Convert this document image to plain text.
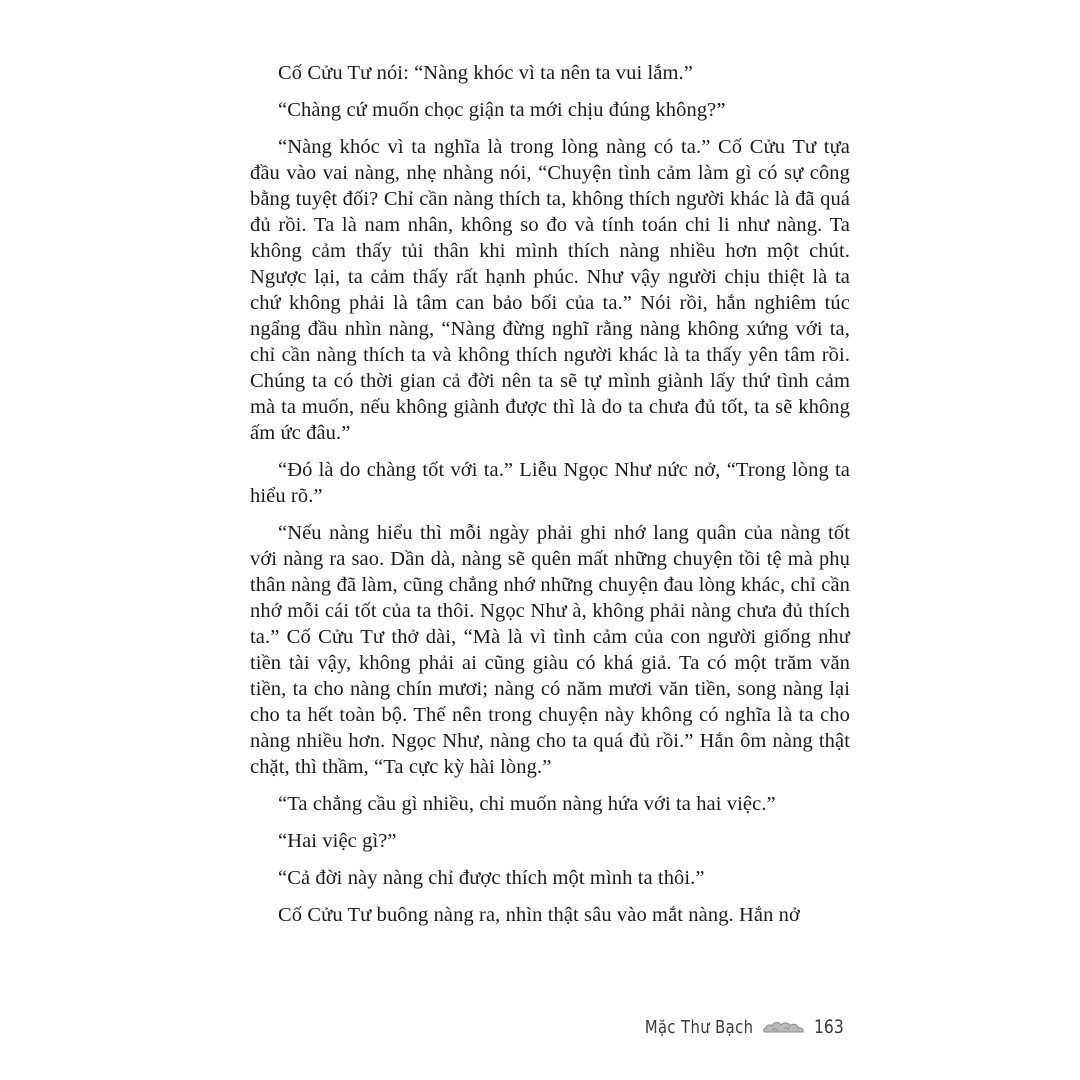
Cố Cửu Tư nói: “Nàng khóc vì ta nên ta vui lắm.”

“Chàng cứ muốn chọc giận ta mới chịu đúng không?”

“Nàng khóc vì ta nghĩa là trong lòng nàng có ta.” Cố Cửu Tư tựa đầu vào vai nàng, nhẹ nhàng nói, “Chuyện tình cảm làm gì có sự công bằng tuyệt đối? Chỉ cần nàng thích ta, không thích người khác là đã quá đủ rồi. Ta là nam nhân, không so đo và tính toán chi li như nàng. Ta không cảm thấy tủi thân khi mình thích nàng nhiều hơn một chút. Ngược lại, ta cảm thấy rất hạnh phúc. Như vậy người chịu thiệt là ta chứ không phải là tâm can bảo bối của ta.” Nói rồi, hắn nghiêm túc ngẩng đầu nhìn nàng, “Nàng đừng nghĩ rằng nàng không xứng với ta, chỉ cần nàng thích ta và không thích người khác là ta thấy yên tâm rồi. Chúng ta có thời gian cả đời nên ta sẽ tự mình giành lấy thứ tình cảm mà ta muốn, nếu không giành được thì là do ta chưa đủ tốt, ta sẽ không ấm ức đâu.”

“Đó là do chàng tốt với ta.” Liễu Ngọc Như nức nở, “Trong lòng ta hiểu rõ.”

“Nếu nàng hiểu thì mỗi ngày phải ghi nhớ lang quân của nàng tốt với nàng ra sao. Dần dà, nàng sẽ quên mất những chuyện tồi tệ mà phụ thân nàng đã làm, cũng chẳng nhớ những chuyện đau lòng khác, chỉ cần nhớ mỗi cái tốt của ta thôi. Ngọc Như à, không phải nàng chưa đủ thích ta.” Cố Cửu Tư thở dài, “Mà là vì tình cảm của con người giống như tiền tài vậy, không phải ai cũng giàu có khá giả. Ta có một trăm văn tiền, ta cho nàng chín mươi; nàng có năm mươi văn tiền, song nàng lại cho ta hết toàn bộ. Thế nên trong chuyện này không có nghĩa là ta cho nàng nhiều hơn. Ngọc Như, nàng cho ta quá đủ rồi.” Hắn ôm nàng thật chặt, thì thầm, “Ta cực kỳ hài lòng.”

“Ta chẳng cầu gì nhiều, chỉ muốn nàng hứa với ta hai việc.”

“Hai việc gì?”

“Cả đời này nàng chỉ được thích một mình ta thôi.”

Cố Cửu Tư buông nàng ra, nhìn thật sâu vào mắt nàng. Hắn nở

Mặc Thư Bạch	163
